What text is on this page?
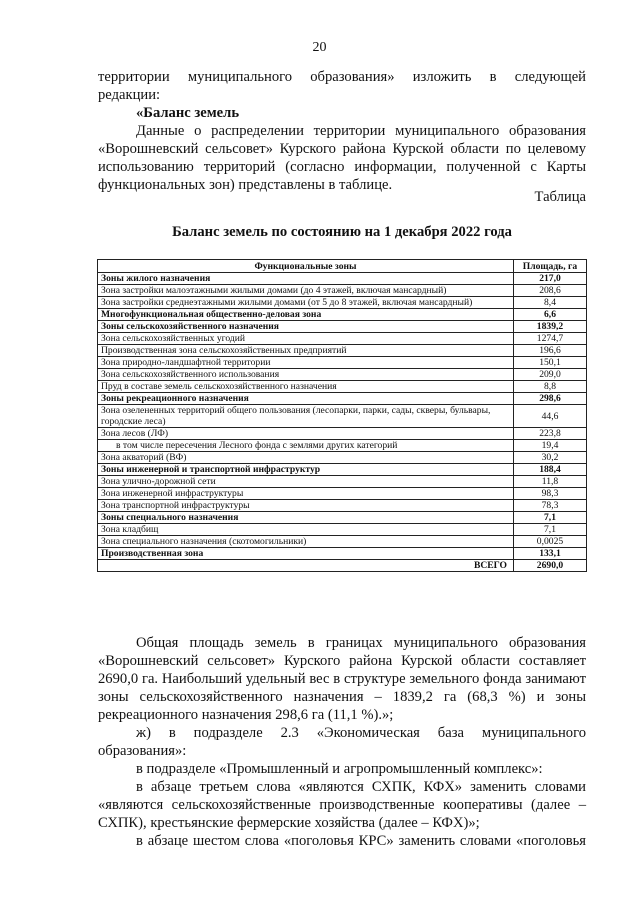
20
территории муниципального образования» изложить в следующей
редакции:
«Баланс земель
Данные о распределении территории муниципального образования «Ворошневский сельсовет» Курского района Курской области по целевому использованию территорий (согласно информации, полученной с Карты функциональных зон) представлены в таблице.
Таблица
Баланс земель по состоянию на 1 декабря 2022 года
Функциональные зоны	Площадь, га
Зоны жилого назначения	217,0
Зона застройки малоэтажными жилыми домами (до 4 этажей, включая мансардный)	208,6
Зона застройки среднеэтажными жилыми домами (от 5 до 8 этажей, включая мансардный)	8,4
Многофункциональная общественно-деловая зона	6,6
Зоны сельскохозяйственного назначения	1839,2
Зона сельскохозяйственных угодий	1274,7
Производственная зона сельскохозяйственных предприятий	196,6
Зона природно-ландшафтной территории	150,1
Зона сельскохозяйственного использования	209,0
Пруд в составе земель сельскохозяйственного назначения	8,8
Зоны рекреационного назначения	298,6
Зона озелененных территорий общего пользования (лесопарки, парки, сады, скверы, бульвары, городские леса)	44,6
Зона лесов (ЛФ)	223,8
в том числе пересечения Лесного фонда с землями других категорий	19,4
Зона акваторий (ВФ)	30,2
Зоны инженерной и транспортной инфраструктур	188,4
Зона улично-дорожной сети	11,8
Зона инженерной инфраструктуры	98,3
Зона транспортной инфраструктуры	78,3
Зоны специального назначения	7,1
Зона кладбищ	7,1
Зона специального назначения (скотомогильники)	0,0025
Производственная зона	133,1
ВСЕГО	2690,0
Общая площадь земель в границах муниципального образования «Ворошневский сельсовет» Курского района Курской области составляет 2690,0 га. Наибольший удельный вес в структуре земельного фонда занимают зоны сельскохозяйственного назначения – 1839,2 га (68,3 %) и зоны рекреационного назначения 298,6 га (11,1 %).»;
ж) в подразделе 2.3 «Экономическая база муниципального образования»:
в подразделе «Промышленный и агропромышленный комплекс»:
в абзаце третьем слова «являются СХПК, КФХ» заменить словами «являются сельскохозяйственные производственные кооперативы (далее – СХПК), крестьянские фермерские хозяйства (далее – КФХ)»;
в абзаце шестом слова «поголовья КРС» заменить словами «поголовья
